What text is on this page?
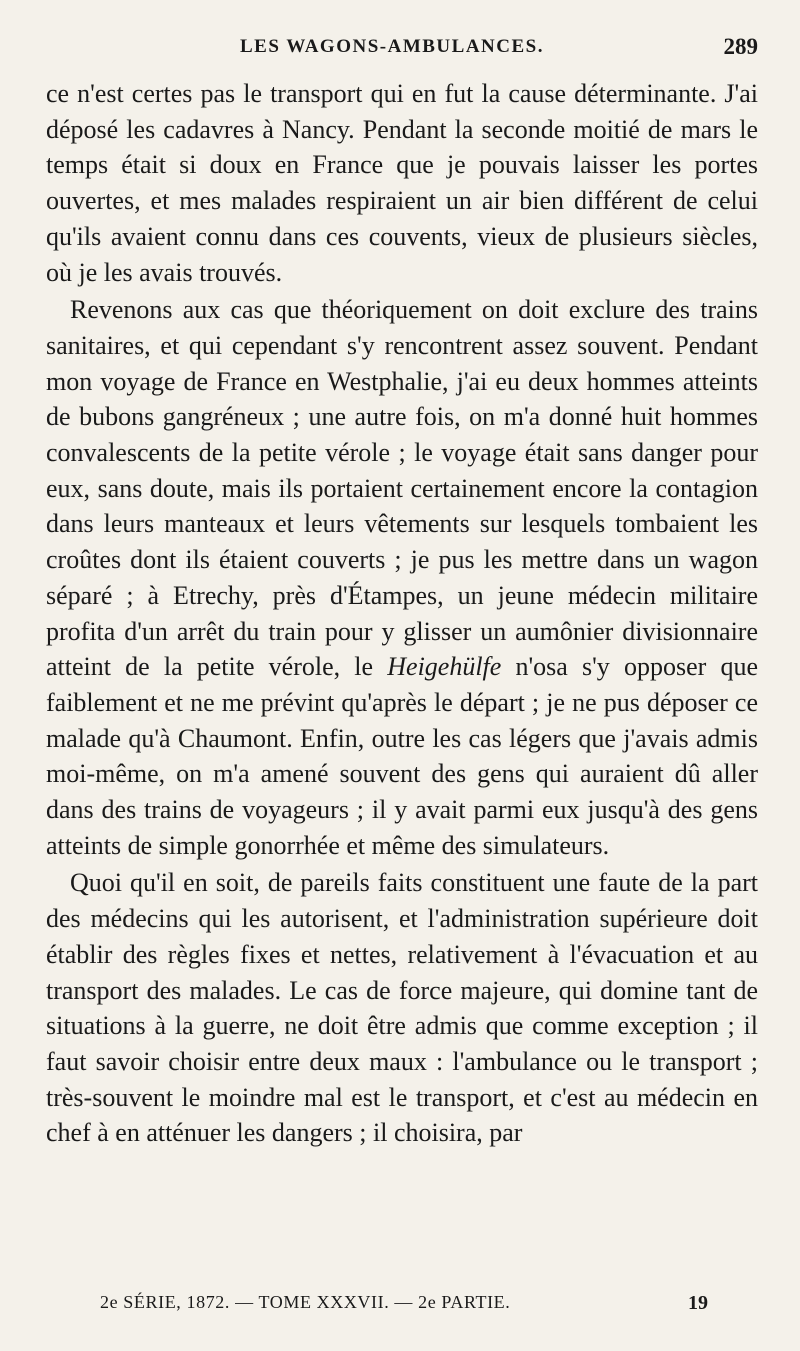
LES WAGONS-AMBULANCES.	289

ce n'est certes pas le transport qui en fut la cause déterminante. J'ai déposé les cadavres à Nancy. Pendant la seconde moitié de mars le temps était si doux en France que je pouvais laisser les portes ouvertes, et mes malades respiraient un air bien différent de celui qu'ils avaient connu dans ces couvents, vieux de plusieurs siècles, où je les avais trouvés.

Revenons aux cas que théoriquement on doit exclure des trains sanitaires, et qui cependant s'y rencontrent assez souvent. Pendant mon voyage de France en Westphalie, j'ai eu deux hommes atteints de bubons gangréneux ; une autre fois, on m'a donné huit hommes convalescents de la petite vérole ; le voyage était sans danger pour eux, sans doute, mais ils portaient certainement encore la contagion dans leurs manteaux et leurs vêtements sur lesquels tombaient les croûtes dont ils étaient couverts ; je pus les mettre dans un wagon séparé ; à Etrechy, près d'Étampes, un jeune médecin militaire profita d'un arrêt du train pour y glisser un aumônier divisionnaire atteint de la petite vérole, le Heigehülfe n'osa s'y opposer que faiblement et ne me prévint qu'après le départ ; je ne pus déposer ce malade qu'à Chaumont. Enfin, outre les cas légers que j'avais admis moi-même, on m'a amené souvent des gens qui auraient dû aller dans des trains de voyageurs ; il y avait parmi eux jusqu'à des gens atteints de simple gonorrhée et même des simulateurs.

Quoi qu'il en soit, de pareils faits constituent une faute de la part des médecins qui les autorisent, et l'administration supérieure doit établir des règles fixes et nettes, relativement à l'évacuation et au transport des malades. Le cas de force majeure, qui domine tant de situations à la guerre, ne doit être admis que comme exception ; il faut savoir choisir entre deux maux : l'ambulance ou le transport ; très-souvent le moindre mal est le transport, et c'est au médecin en chef à en atténuer les dangers ; il choisira, par

2e SÉRIE, 1872. — TOME XXXVII. — 2e PARTIE.	19
